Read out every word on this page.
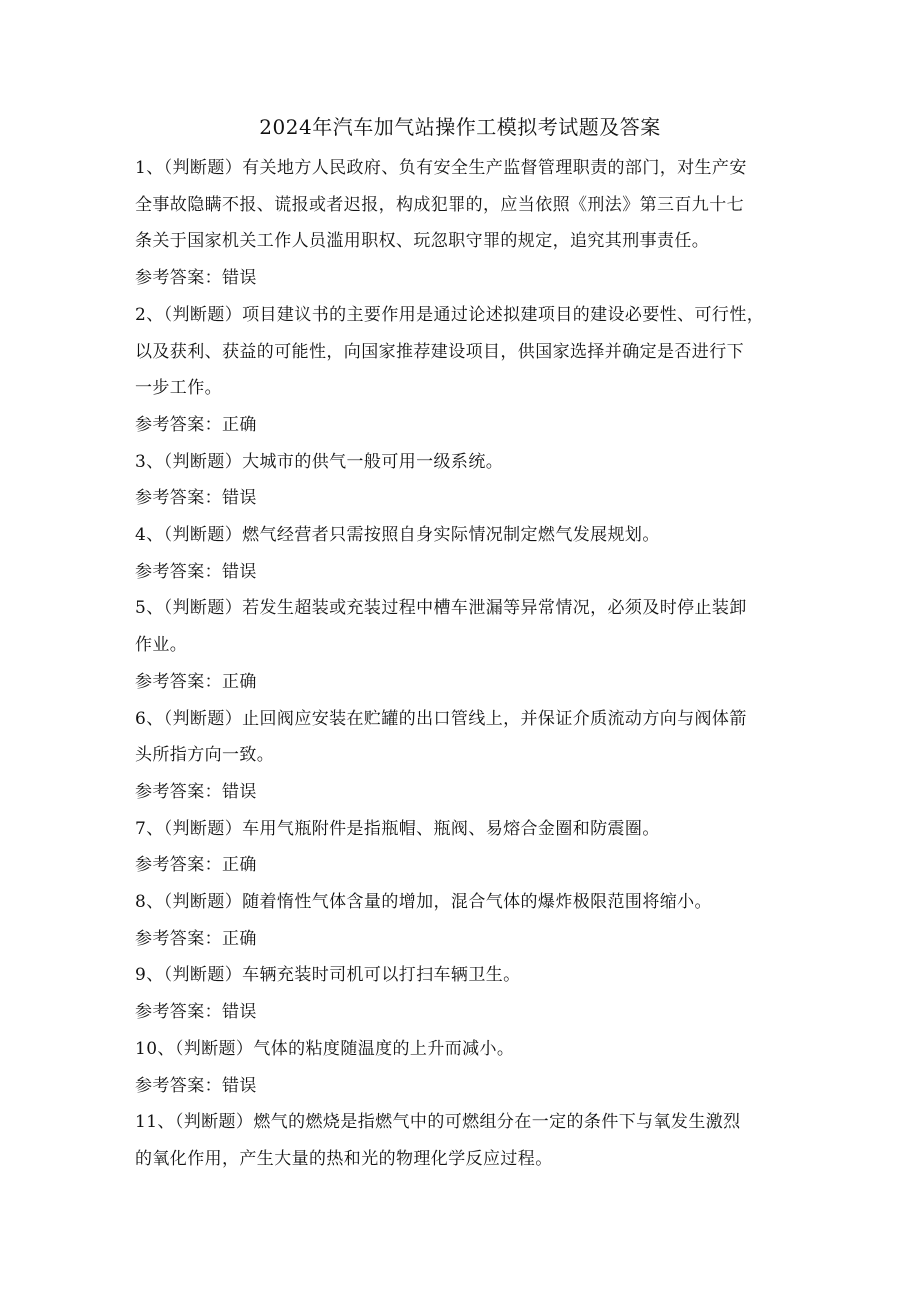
2024年汽车加气站操作工模拟考试题及答案
1、（判断题）有关地方人民政府、负有安全生产监督管理职责的部门，对生产安
全事故隐瞒不报、谎报或者迟报，构成犯罪的，应当依照《刑法》第三百九十七
条关于国家机关工作人员滥用职权、玩忽职守罪的规定，追究其刑事责任。
参考答案：错误
2、（判断题）项目建议书的主要作用是通过论述拟建项目的建设必要性、可行性，
以及获利、获益的可能性，向国家推荐建设项目，供国家选择并确定是否进行下
一步工作。
参考答案：正确
3、（判断题）大城市的供气一般可用一级系统。
参考答案：错误
4、（判断题）燃气经营者只需按照自身实际情况制定燃气发展规划。
参考答案：错误
5、（判断题）若发生超装或充装过程中槽车泄漏等异常情况，必须及时停止装卸
作业。
参考答案：正确
6、（判断题）止回阀应安装在贮罐的出口管线上，并保证介质流动方向与阀体箭
头所指方向一致。
参考答案：错误
7、（判断题）车用气瓶附件是指瓶帽、瓶阀、易熔合金圈和防震圈。
参考答案：正确
8、（判断题）随着惰性气体含量的增加，混合气体的爆炸极限范围将缩小。
参考答案：正确
9、（判断题）车辆充装时司机可以打扫车辆卫生。
参考答案：错误
10、（判断题）气体的粘度随温度的上升而减小。
参考答案：错误
11、（判断题）燃气的燃烧是指燃气中的可燃组分在一定的条件下与氧发生激烈
的氧化作用，产生大量的热和光的物理化学反应过程。
